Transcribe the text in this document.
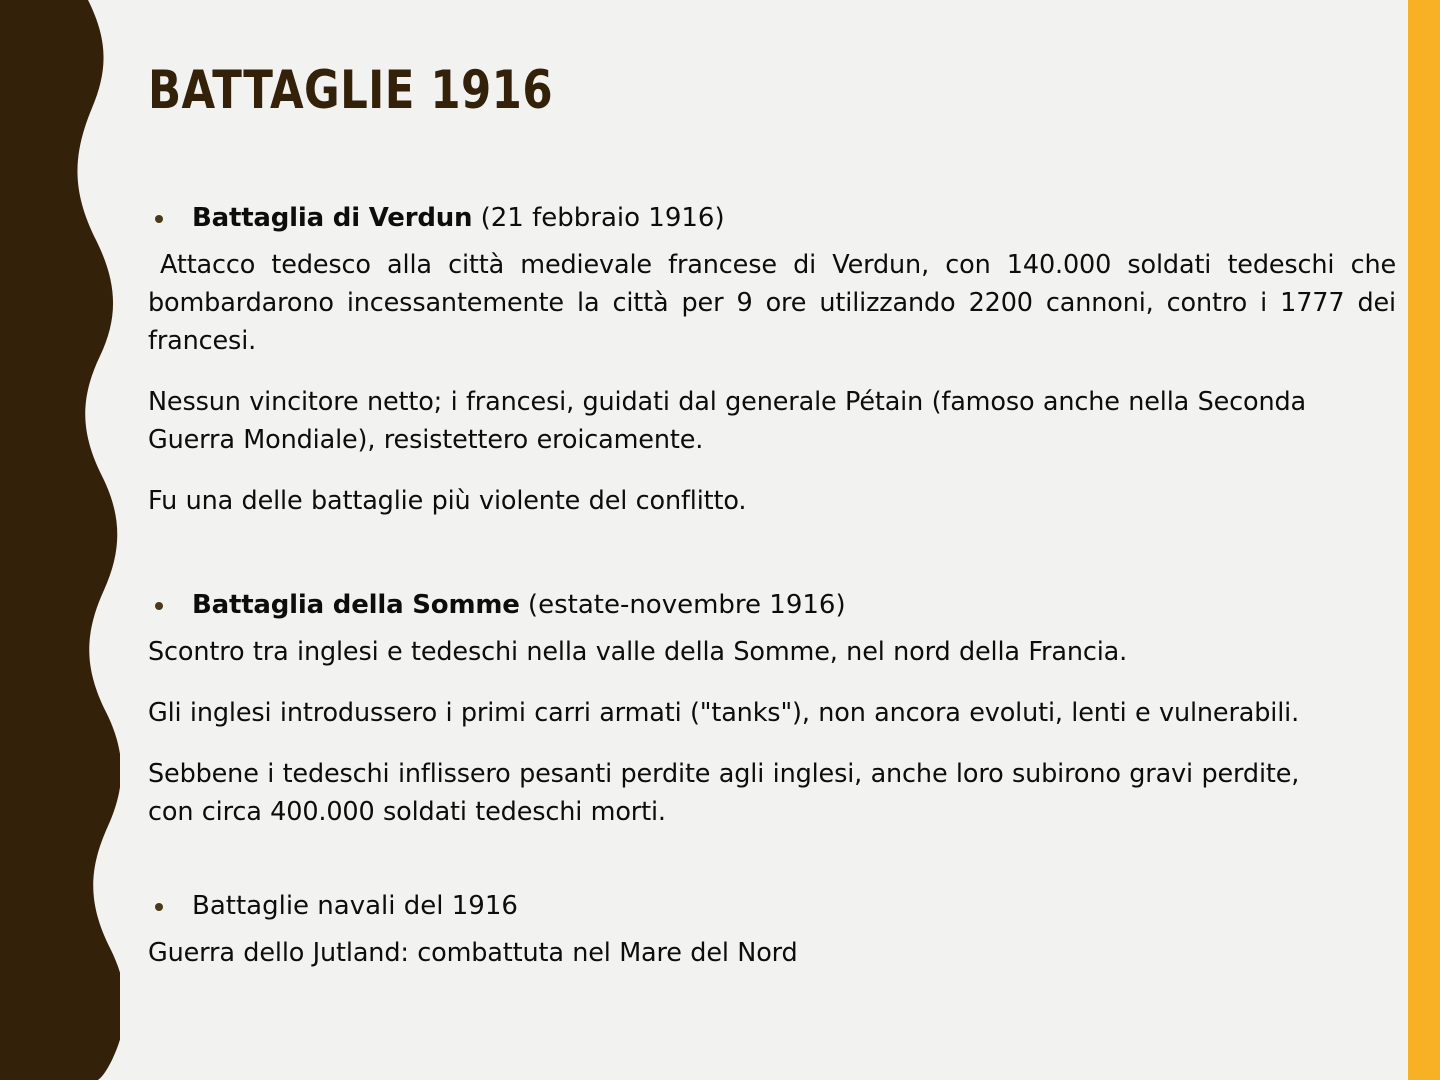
BATTAGLIE 1916
Battaglia di Verdun (21 febbraio 1916)

Attacco tedesco alla città medievale francese di Verdun, con 140.000 soldati tedeschi che bombardarono incessantemente la città per 9 ore utilizzando 2200 cannoni, contro i 1777 dei francesi.

Nessun vincitore netto; i francesi, guidati dal generale Pétain (famoso anche nella Seconda Guerra Mondiale), resistettero eroicamente.

Fu una delle battaglie più violente del conflitto.

Battaglia della Somme (estate-novembre 1916)

Scontro tra inglesi e tedeschi nella valle della Somme, nel nord della Francia.

Gli inglesi introdussero i primi carri armati ("tanks"), non ancora evoluti, lenti e vulnerabili.

Sebbene i tedeschi inflissero pesanti perdite agli inglesi, anche loro subirono gravi perdite, con circa 400.000 soldati tedeschi morti.

Battaglie navali del 1916

Guerra dello Jutland: combattuta nel Mare del Nord
